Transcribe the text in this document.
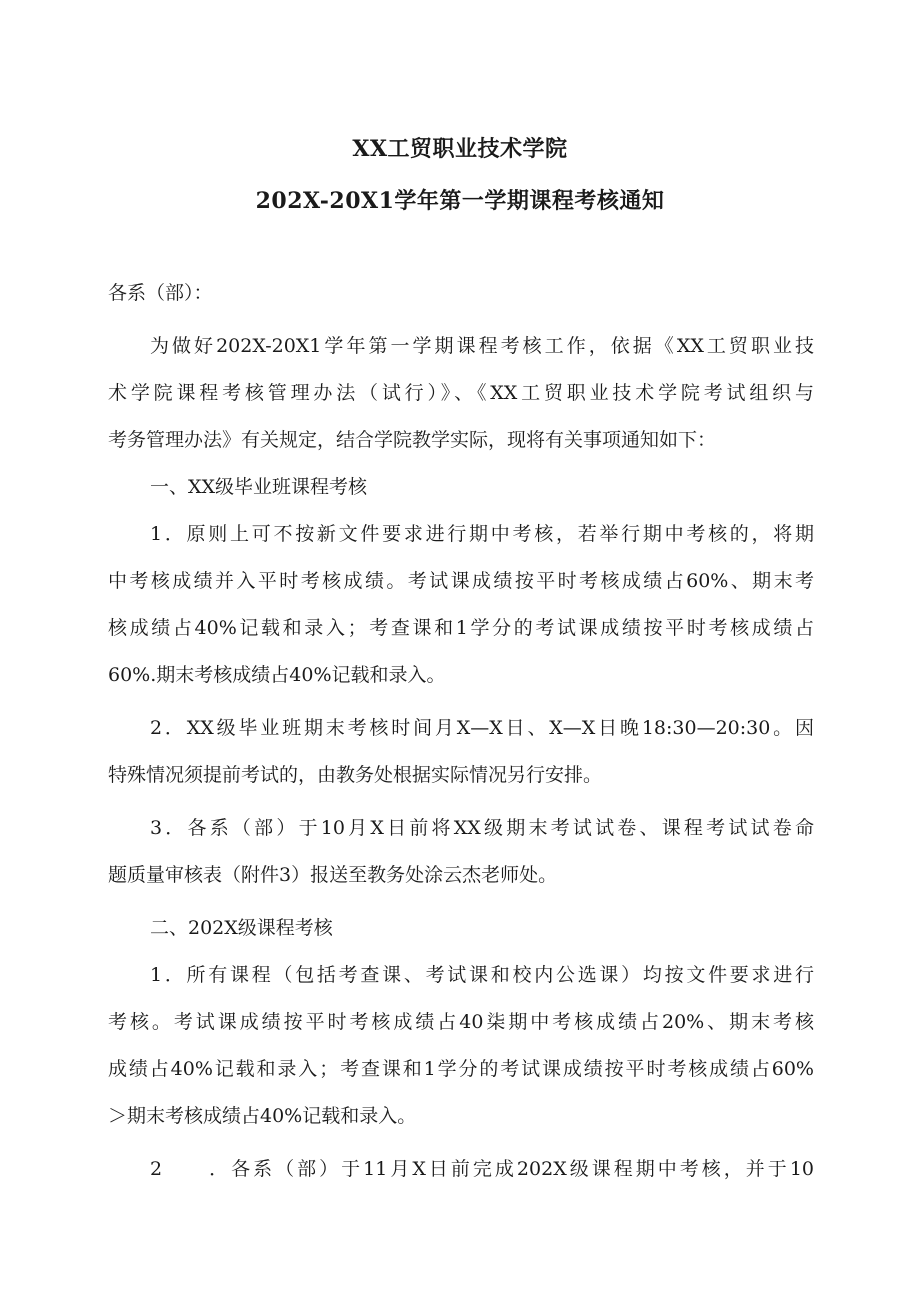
XX工贸职业技术学院
202X-20X1学年第一学期课程考核通知
各系（部）：
为做好202X-20X1学年第一学期课程考核工作，依据《XX工贸职业技
术学院课程考核管理办法（试行）》、《XX工贸职业技术学院考试组织与
考务管理办法》有关规定，结合学院教学实际，现将有关事项通知如下：
一、XX级毕业班课程考核
1．原则上可不按新文件要求进行期中考核，若举行期中考核的，将期
中考核成绩并入平时考核成绩。考试课成绩按平时考核成绩占60%、期末考
核成绩占40%记载和录入；考查课和1学分的考试课成绩按平时考核成绩占
60%.期末考核成绩占40%记载和录入。
2．XX级毕业班期末考核时间月X—X日、X—X日晚18:30—20:30。因
特殊情况须提前考试的，由教务处根据实际情况另行安排。
3．各系（部）于10月X日前将XX级期末考试试卷、课程考试试卷命
题质量审核表（附件3）报送至教务处涂云杰老师处。
二、202X级课程考核
1．所有课程（包括考查课、考试课和校内公选课）均按文件要求进行
考核。考试课成绩按平时考核成绩占40柒期中考核成绩占20%、期末考核
成绩占40%记载和录入；考查课和1学分的考试课成绩按平时考核成绩占60%
＞期末考核成绩占40%记载和录入。
2　　．各系（部）于11月X日前完成202X级课程期中考核，并于10
